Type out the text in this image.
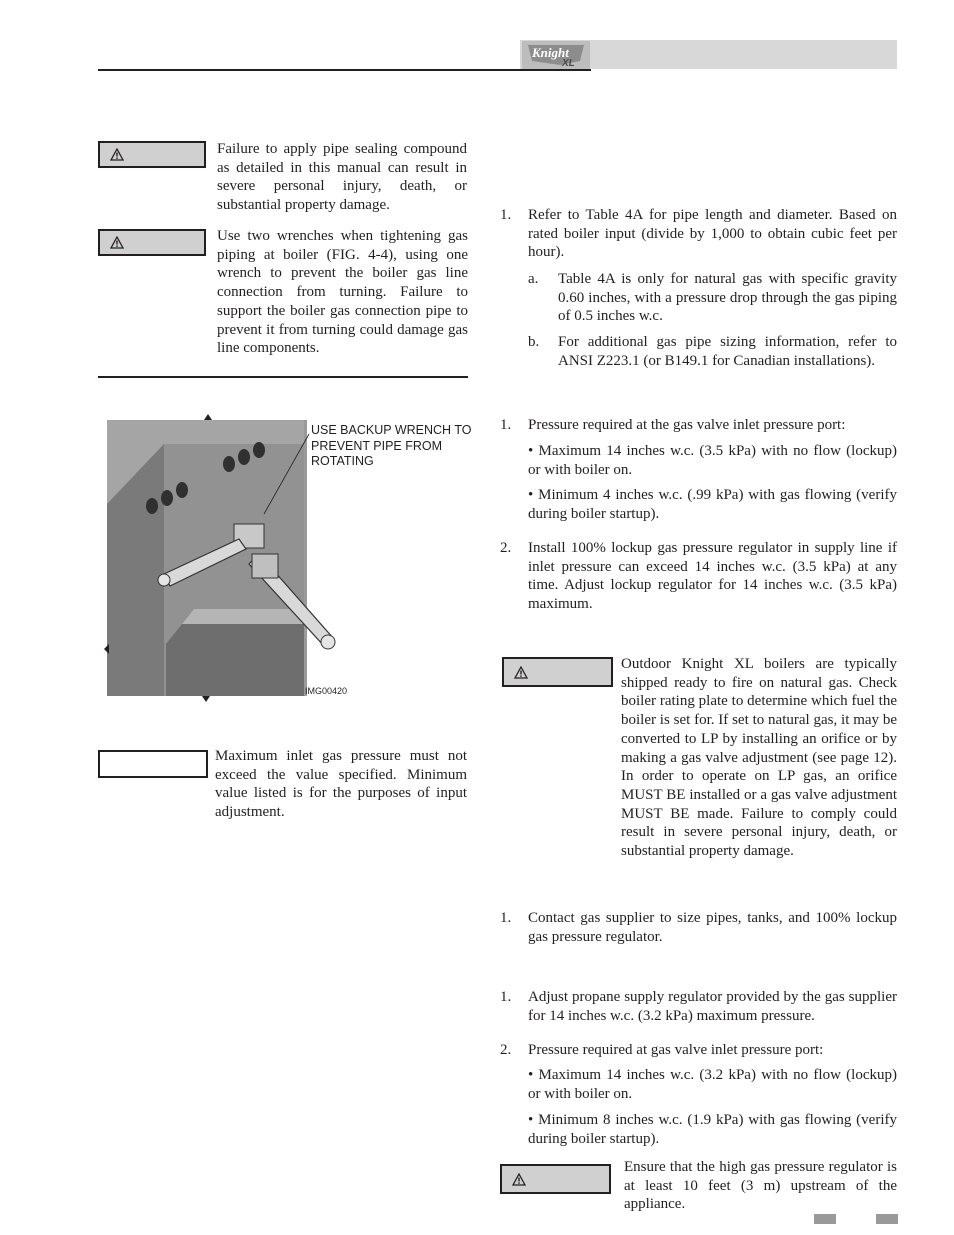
Knight
XL
Failure to apply pipe sealing compound as detailed in this manual can result in severe personal injury, death, or substantial property damage.
Use two wrenches when tightening gas piping at boiler (FIG. 4-4), using one wrench to prevent the boiler gas line connection from turning. Failure to support the boiler gas connection pipe to prevent it from turning could damage gas line components.
USE BACKUP WRENCH TO PREVENT PIPE FROM ROTATING
IMG00420
Maximum inlet gas pressure must not exceed the value specified. Minimum value listed is for the purposes of input adjustment.
1. Refer to Table 4A for pipe length and diameter. Based on rated boiler input (divide by 1,000 to obtain cubic feet per hour).
a. Table 4A is only for natural gas with specific gravity 0.60 inches, with a pressure drop through the gas piping of 0.5 inches w.c.
b. For additional gas pipe sizing information, refer to ANSI Z223.1 (or B149.1 for Canadian installations).
1. Pressure required at the gas valve inlet pressure port:
• Maximum 14 inches w.c. (3.5 kPa) with no flow (lockup) or with boiler on.
• Minimum 4 inches w.c. (.99 kPa) with gas flowing (verify during boiler startup).
2. Install 100% lockup gas pressure regulator in supply line if inlet pressure can exceed 14 inches w.c. (3.5 kPa) at any time. Adjust lockup regulator for 14 inches w.c. (3.5 kPa) maximum.
Outdoor Knight XL boilers are typically shipped ready to fire on natural gas. Check boiler rating plate to determine which fuel the boiler is set for. If set to natural gas, it may be converted to LP by installing an orifice or by making a gas valve adjustment (see page 12). In order to operate on LP gas, an orifice MUST BE installed or a gas valve adjustment MUST BE made. Failure to comply could result in severe personal injury, death, or substantial property damage.
1. Contact gas supplier to size pipes, tanks, and 100% lockup gas pressure regulator.
1. Adjust propane supply regulator provided by the gas supplier for 14 inches w.c. (3.2 kPa) maximum pressure.
2. Pressure required at gas valve inlet pressure port:
• Maximum 14 inches w.c. (3.2 kPa) with no flow (lockup) or with boiler on.
• Minimum 8 inches w.c. (1.9 kPa) with gas flowing (verify during boiler startup).
Ensure that the high gas pressure regulator is at least 10 feet (3 m) upstream of the appliance.
